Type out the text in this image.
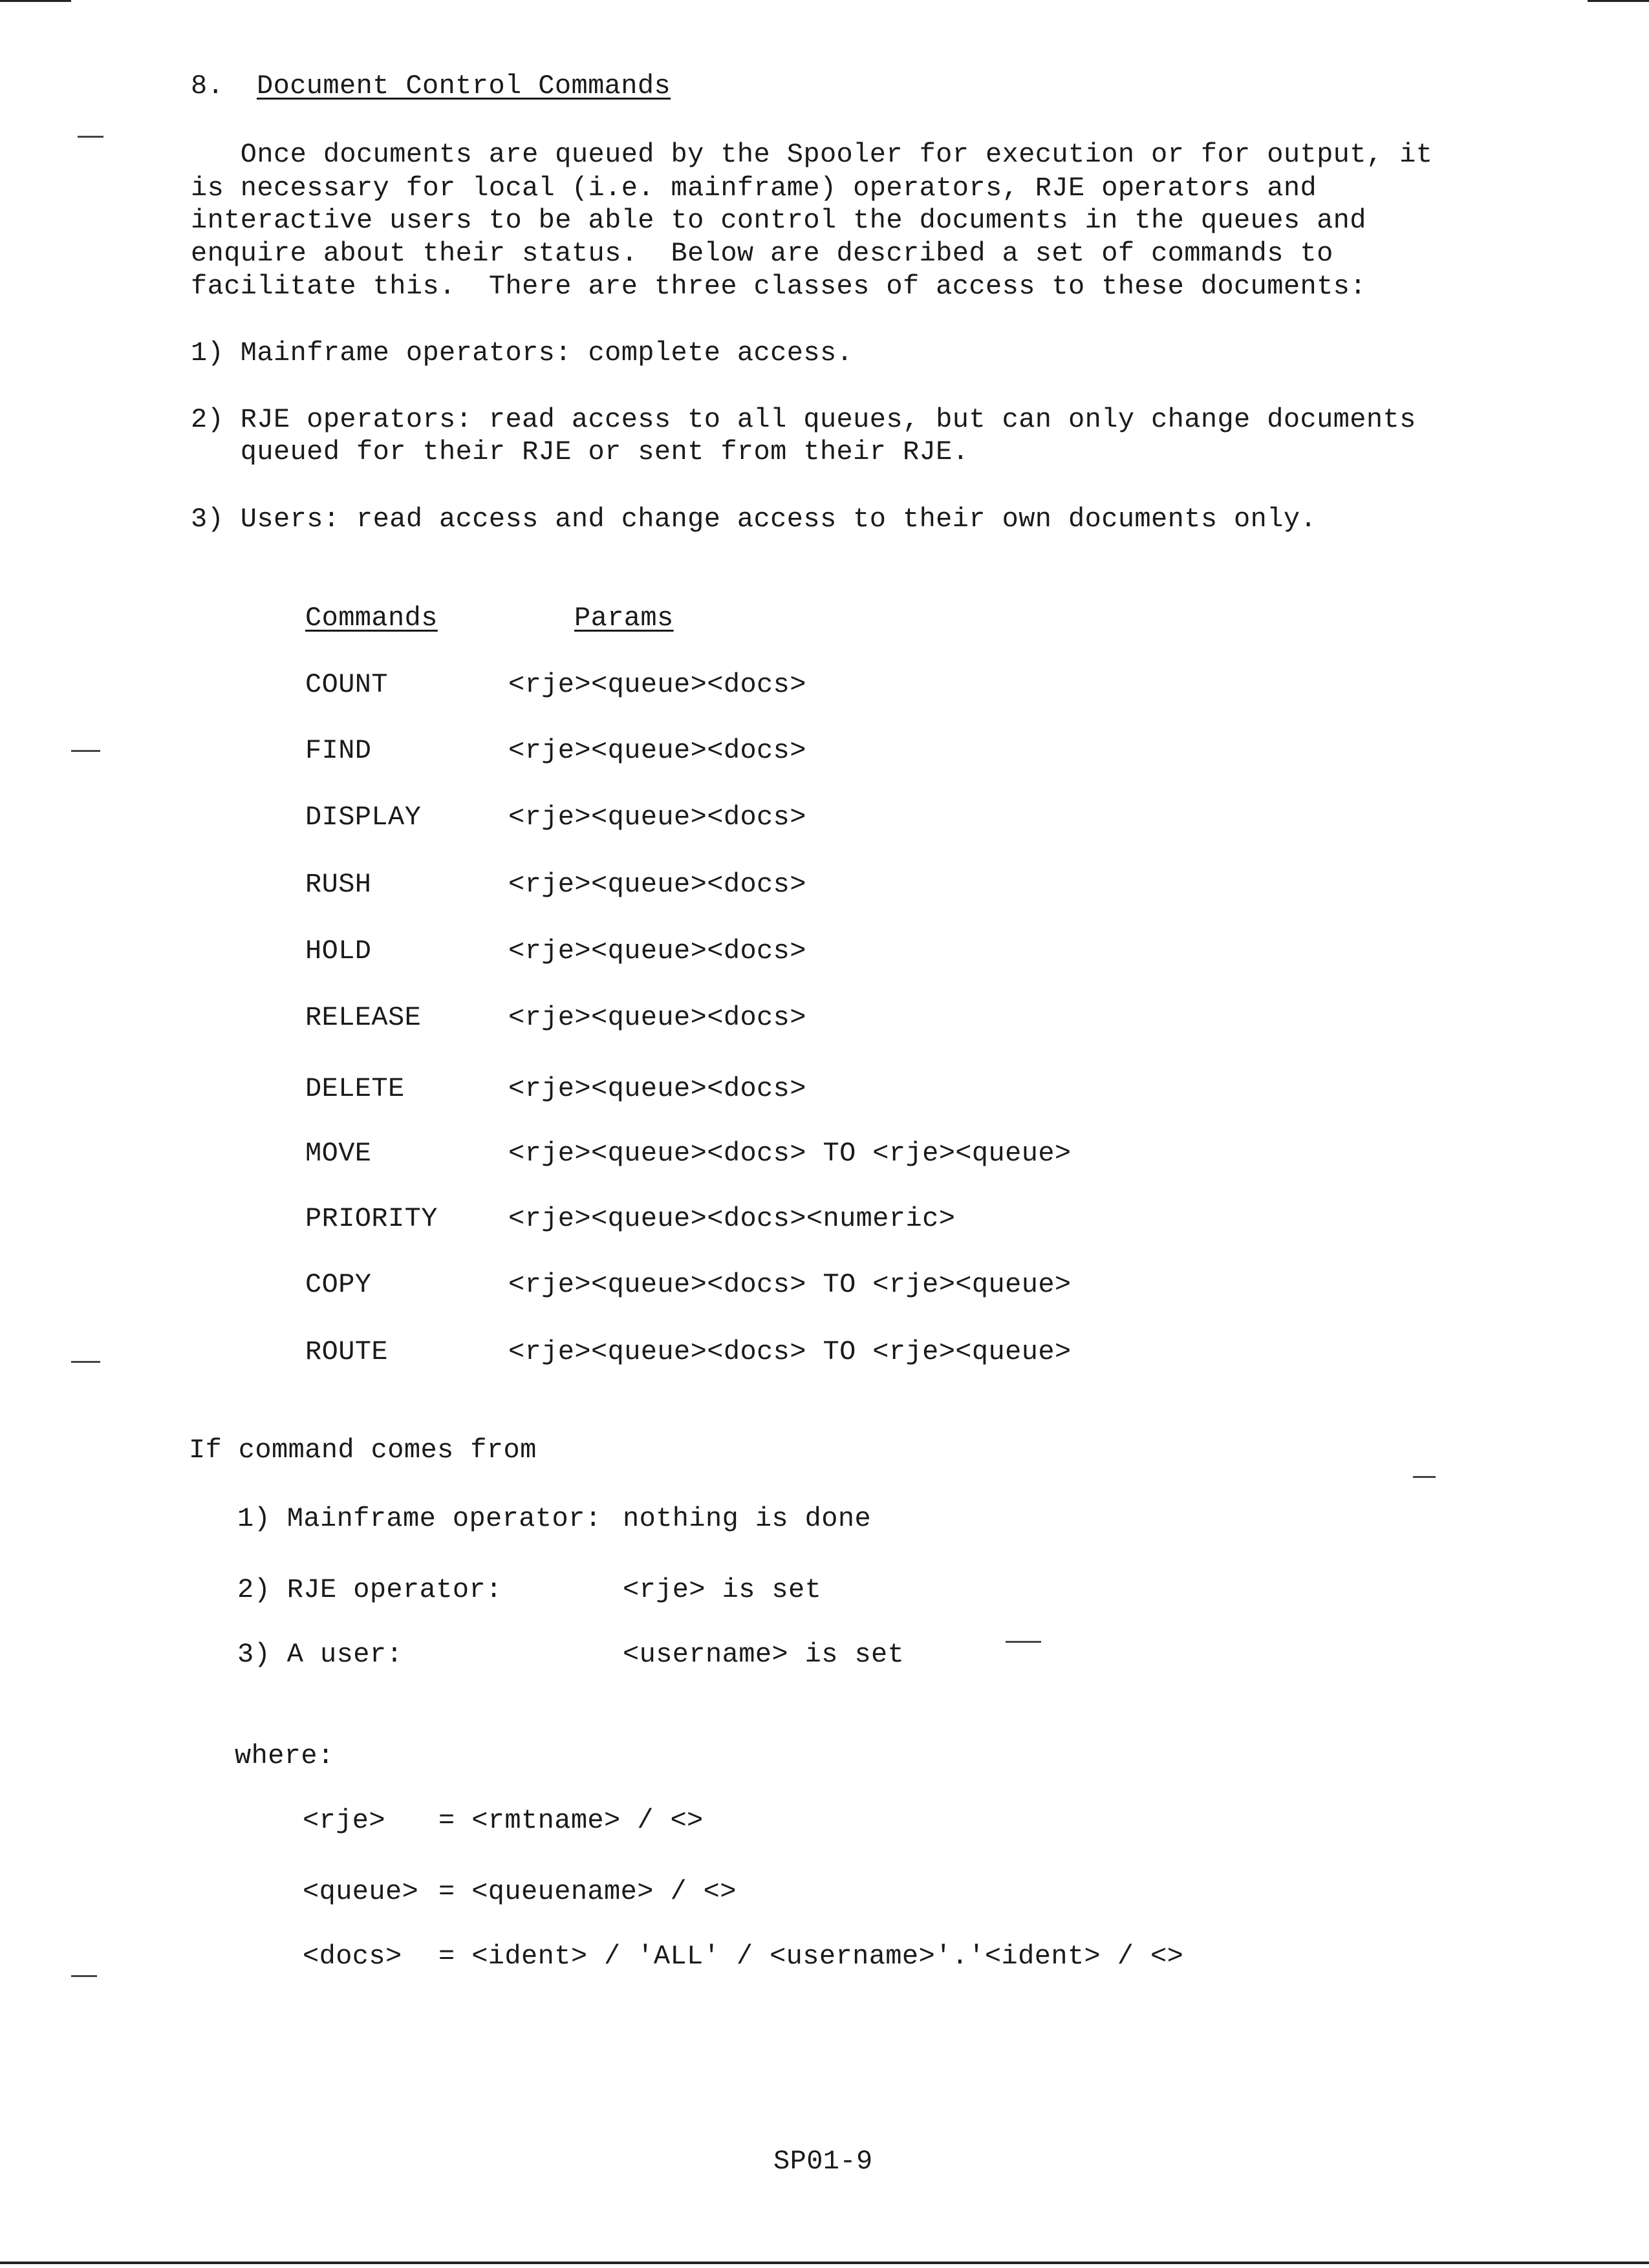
8. Document Control Commands
Once documents are queued by the Spooler for execution or for output, it
is necessary for local (i.e. mainframe) operators, RJE operators and
interactive users to be able to control the documents in the queues and
enquire about their status.  Below are described a set of commands to
facilitate this.  There are three classes of access to these documents:
1) Mainframe operators: complete access.
2) RJE operators: read access to all queues, but can only change documents
queued for their RJE or sent from their RJE.
3) Users: read access and change access to their own documents only.
Commands	Params
COUNT	<rje><queue><docs>
FIND	<rje><queue><docs>
DISPLAY	<rje><queue><docs>
RUSH	<rje><queue><docs>
HOLD	<rje><queue><docs>
RELEASE	<rje><queue><docs>
DELETE	<rje><queue><docs>
MOVE	<rje><queue><docs> TO <rje><queue>
PRIORITY	<rje><queue><docs><numeric>
COPY	<rje><queue><docs> TO <rje><queue>
ROUTE	<rje><queue><docs> TO <rje><queue>
If command comes from
1) Mainframe operator: nothing is done
2) RJE operator:	<rje> is set
3) A user:	<username> is set
where:
<rje> = <rmtname> / <>
<queue> = <queuename> / <>
<docs> = <ident> / 'ALL' / <username>'.'<ident> / <>
SP01-9
